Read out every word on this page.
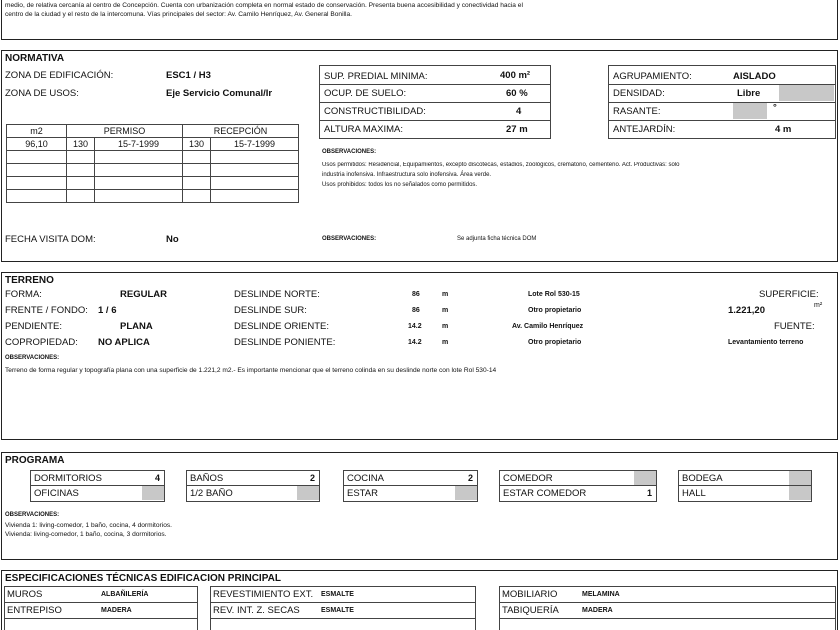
medio, de relativa cercanía al centro de Concepción. Cuenta con urbanización completa en normal estado de conservación. Presenta buena accesibilidad y conectividad hacia el
centro de la ciudad y el resto de la intercomuna. Vías principales del sector: Av. Camilo Henríquez, Av. General Bonilla.
NORMATIVA
ZONA DE EDIFICACIÓN:	ESC1 / H3
ZONA DE USOS:	Eje Servicio Comunal/Ir
SUP. PREDIAL MINIMA:	400 m²
OCUP. DE SUELO:	60 %
CONSTRUCTIBILIDAD:	4
ALTURA MAXIMA:	27 m
AGRUPAMIENTO:	AISLADO
DENSIDAD:	Libre
RASANTE:	°
ANTEJARDÍN:	4 m
m2	PERMISO		RECEPCIÓN	
96,10	130	15-7-1999	130	15-7-1999

OBSERVACIONES:
Usos permitidos: Residencial, Equipamientos, excepto discotecas, estadios, zoológicos, crematorio, cementerio. Act. Productivas: solo
industria inofensiva. Infraestructura solo inofensiva. Área verde.
Usos prohibidos: todos los no señalados como permitidos.
FECHA VISITA DOM:	No	OBSERVACIONES:	Se adjunta ficha técnica DOM
TERRENO
FORMA:	REGULAR
FRENTE / FONDO: 1 / 6
PENDIENTE:	PLANA
COPROPIEDAD: NO APLICA
DESLINDE NORTE:	86	m	Lote Rol 530-15
DESLINDE SUR:	86	m	Otro propietario
DESLINDE ORIENTE:	14.2	m	Av. Camilo Henríquez
DESLINDE PONIENTE:	14.2	m	Otro propietario
SUPERFICIE:
1.221,20	m²
FUENTE:
Levantamiento terreno
OBSERVACIONES:
Terreno de forma regular y topografía plana con una superficie de 1.221,2 m2.- Es importante mencionar que el terreno colinda en su deslinde norte con lote Rol 530-14
PROGRAMA
DORMITORIOS	4
OFICINAS
BAÑOS	2
1/2 BAÑO
COCINA	2
ESTAR
COMEDOR
ESTAR COMEDOR	1
BODEGA
HALL
OBSERVACIONES:
Vivienda 1: living-comedor, 1 baño, cocina, 4 dormitorios.
Vivienda: living-comedor, 1 baño, cocina, 3 dormitorios.
ESPECIFICACIONES TÉCNICAS EDIFICACION PRINCIPAL
MUROS	ALBAÑILERÍA
ENTREPISO	MADERA
REVESTIMIENTO EXT. ESMALTE
REV. INT. Z. SECAS	ESMALTE
MOBILIARIO	MELAMINA
TABIQUERÍA	MADERA
